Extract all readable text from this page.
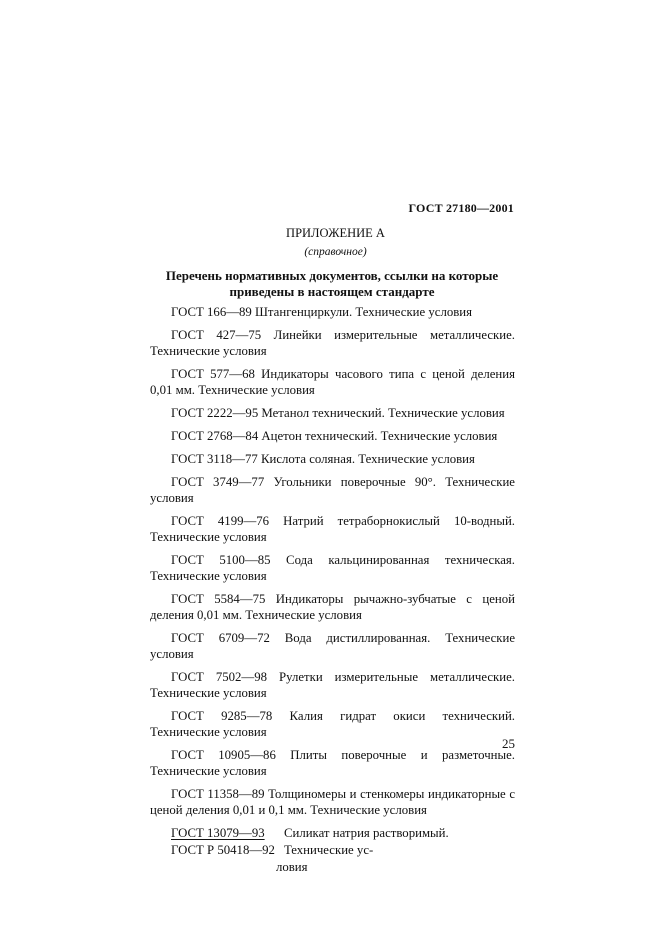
ГОСТ 27180—2001
ПРИЛОЖЕНИЕ А
(справочное)
Перечень нормативных документов, ссылки на которые
приведены в настоящем стандарте

ГОСТ 166—89 Штангенциркули. Технические условия

ГОСТ 427—75 Линейки измерительные металлические. Технические условия

ГОСТ 577—68 Индикаторы часового типа с ценой деления 0,01 мм. Технические условия

ГОСТ 2222—95 Метанол технический. Технические условия

ГОСТ 2768—84 Ацетон технический. Технические условия

ГОСТ 3118—77 Кислота соляная. Технические условия

ГОСТ 3749—77 Угольники поверочные 90°. Технические условия

ГОСТ 4199—76 Натрий тетраборнокислый 10-водный. Технические условия

ГОСТ 5100—85 Сода кальцинированная техническая. Технические условия

ГОСТ 5584—75 Индикаторы рычажно-зубчатые с ценой деления 0,01 мм. Технические условия

ГОСТ 6709—72 Вода дистиллированная. Технические условия

ГОСТ 7502—98 Рулетки измерительные металлические. Технические условия

ГОСТ 9285—78 Калия гидрат окиси технический. Технические условия

ГОСТ 10905—86 Плиты поверочные и разметочные. Технические условия

ГОСТ 11358—89 Толщиномеры и стенкомеры индикаторные с ценой деления 0,01 и 0,1 мм. Технические условия

ГОСТ 13079—93
ГОСТ Р 50418—92
Силикат натрия растворимый. Технические ус-
ловия
25
